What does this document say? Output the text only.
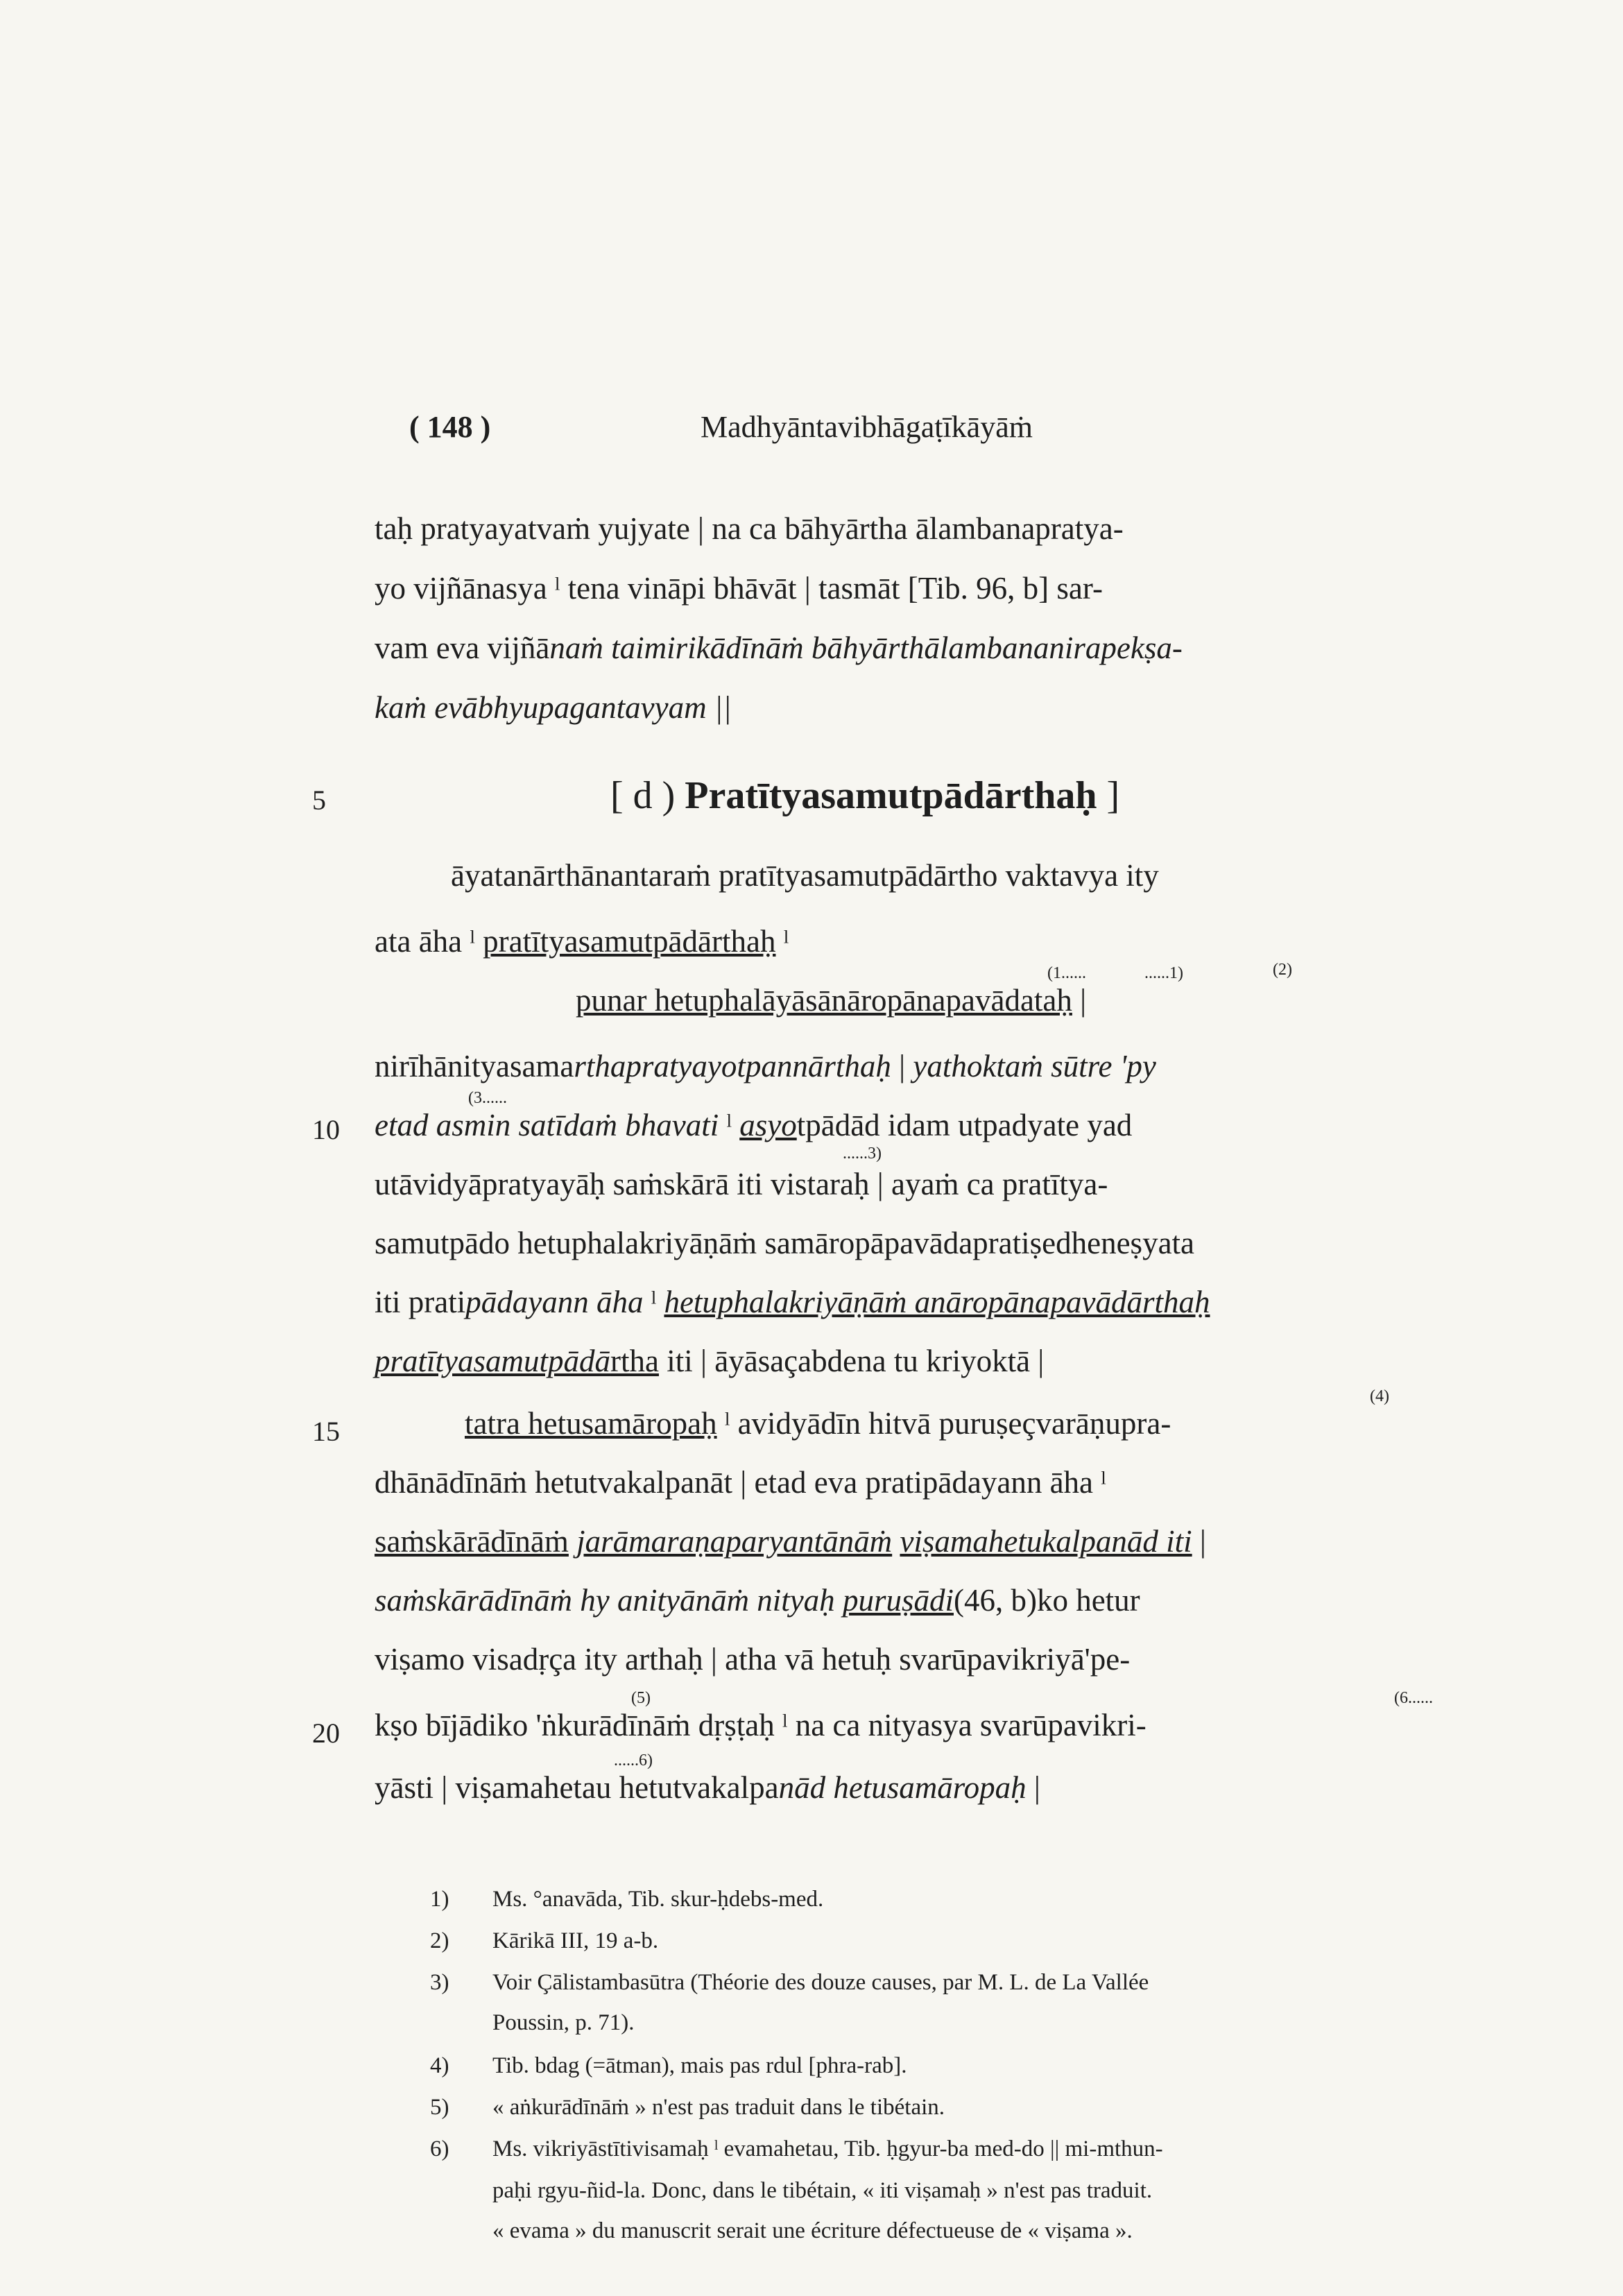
( 148 )	Madhyāntavibhāgaṭīkāyāṁ
5
10
15
20
taḥ pratyayatvaṁ yujyate | na ca bāhyārtha ālambanapratya-
yo vijñānasya ˡ tena vināpi bhāvāt | tasmāt [Tib. 96, b] sar-
vam eva vijñānaṁ taimirikādīnāṁ bāhyārthālambananirapekṣa-
kaṁ evābhyupagantavyam ||
[ d ) Pratītyasamutpādārthaḥ ]
āyatanārthānantaraṁ pratītyasamutpādārtho vaktavya ity
ata āha ˡ pratītyasamutpādārthaḥ ˡ
punar hetuphalāyāsānāropānapavādataḥ |
nirīhānityasamarthapratyayotpannārthaḥ | yathoktaṁ sūtre 'py
etad asmin satīdaṁ bhavati ˡ asyotpādād idam utpadyate yad
utāvidyāpratyayāḥ saṁskārā iti vistaraḥ | ayaṁ ca pratītya-
samutpādo hetuphalakriyāṇāṁ samāropāpavādapratiṣedheneṣyata
iti pratipādayann āha ˡ hetuphalakriyāṇāṁ anāropānapavādārthaḥ
pratītyasamutpādārtha iti | āyāsaçabdena tu kriyoktā |
tatra hetusamāropaḥ ˡ avidyādīn hitvā puruṣeçvarāṇupra-
dhānādīnāṁ hetutvakalpanāt | etad eva pratipādayann āha ˡ
saṁskārādīnāṁ jarāmaraṇaparyantānāṁ viṣamahetukalpanād iti |
saṁskārādīnāṁ hy anityānāṁ nityaḥ puruṣādi(46, b)ko hetur
viṣamo visadṛça ity arthaḥ | atha vā hetuḥ svarūpavikriyā'pe-
kṣo bījādiko 'ṅkurādīnāṁ dṛṣṭaḥ ˡ na ca nityasya svarūpavikri-
yāsti | viṣamahetau hetutvakalpanād hetusamāropaḥ |
(1......	......1)	(2)
(3......
......3)
(4)
(5)	(6......
......6)
1) Ms. °anavāda, Tib. skur-ḥdebs-med.
2) Kārikā III, 19 a-b.
3) Voir Çālistambasūtra (Théorie des douze causes, par M. L. de La Vallée
Poussin, p. 71).
4) Tib. bdag (=ātman), mais pas rdul [phra-rab].
5) « aṅkurādīnāṁ » n'est pas traduit dans le tibétain.
6) Ms. vikriyāstītivisamaḥ ˡ evamahetau, Tib. ḥgyur-ba med-do || mi-mthun-
paḥi rgyu-ñid-la. Donc, dans le tibétain, « iti viṣamaḥ » n'est pas traduit.
« evama » du manuscrit serait une écriture défectueuse de « viṣama ».
